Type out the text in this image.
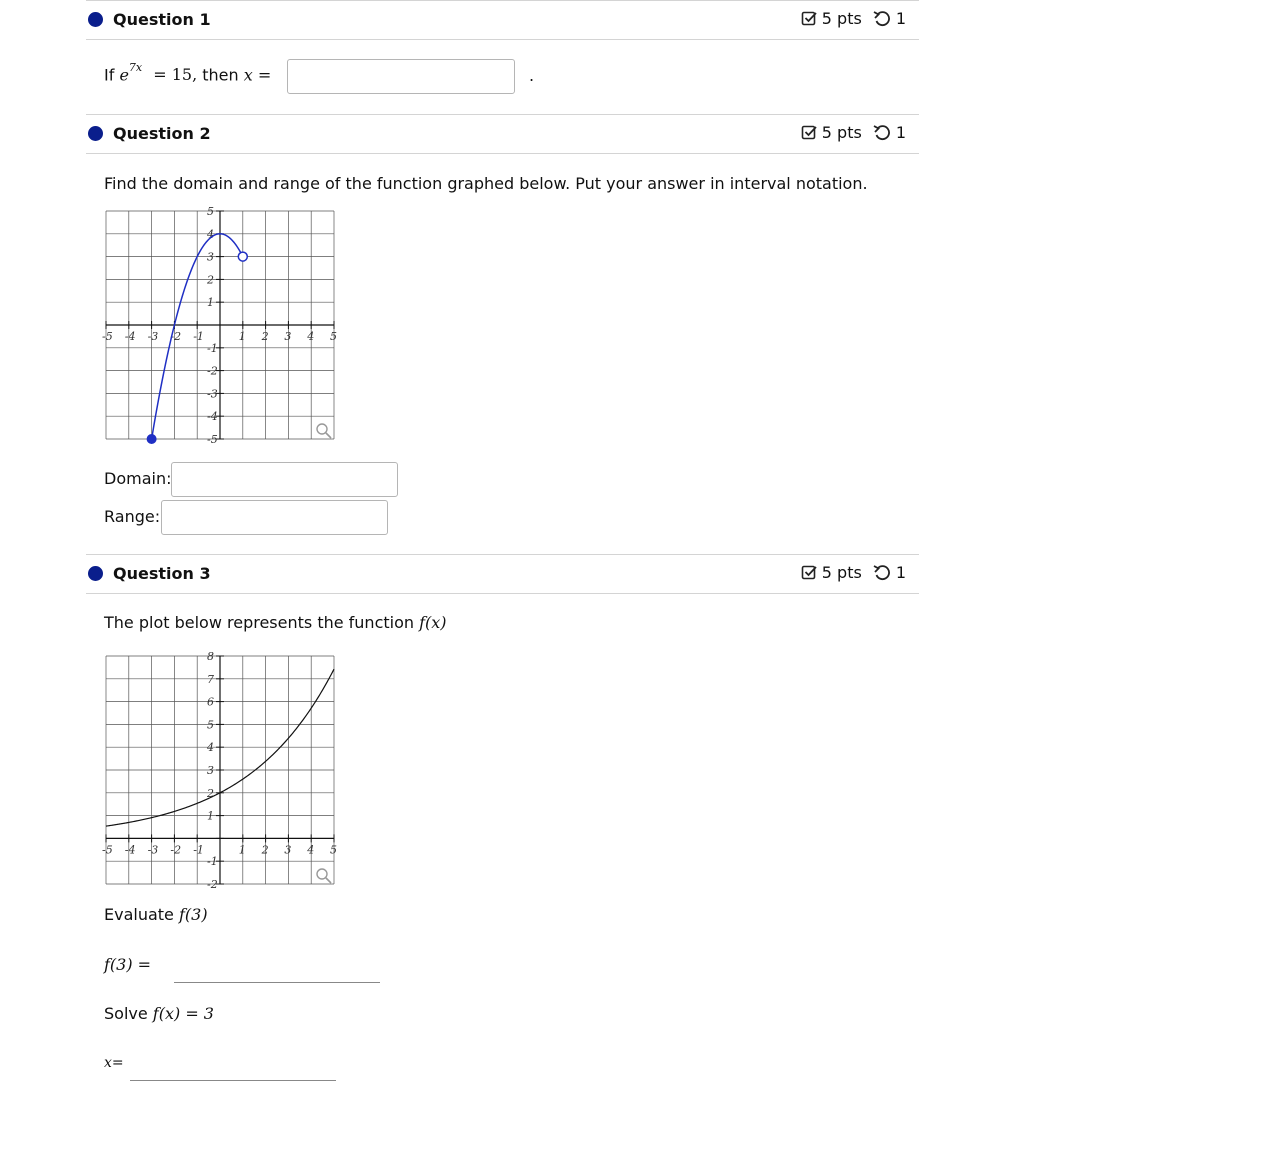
Question 1	5 pts 1
If $e^{7x} = 15$, then x =	.
Question 2	5 pts 1
Find the domain and range of the function graphed below. Put your answer in interval notation.
-5 -4 -3 -2 -1	1 2 3 4 5
5
4
3
2
1
-1
-2
-3
-4
-5
Domain:
Range:
Question 3	5 pts 1
The plot below represents the function f(x)
-5 -4 -3 -2 -1	1 2 3 4 5
8
7
6
5
4
3
2
1
-1
-2
Evaluate f(3)
f(3) =
Solve f(x) = 3
x=
